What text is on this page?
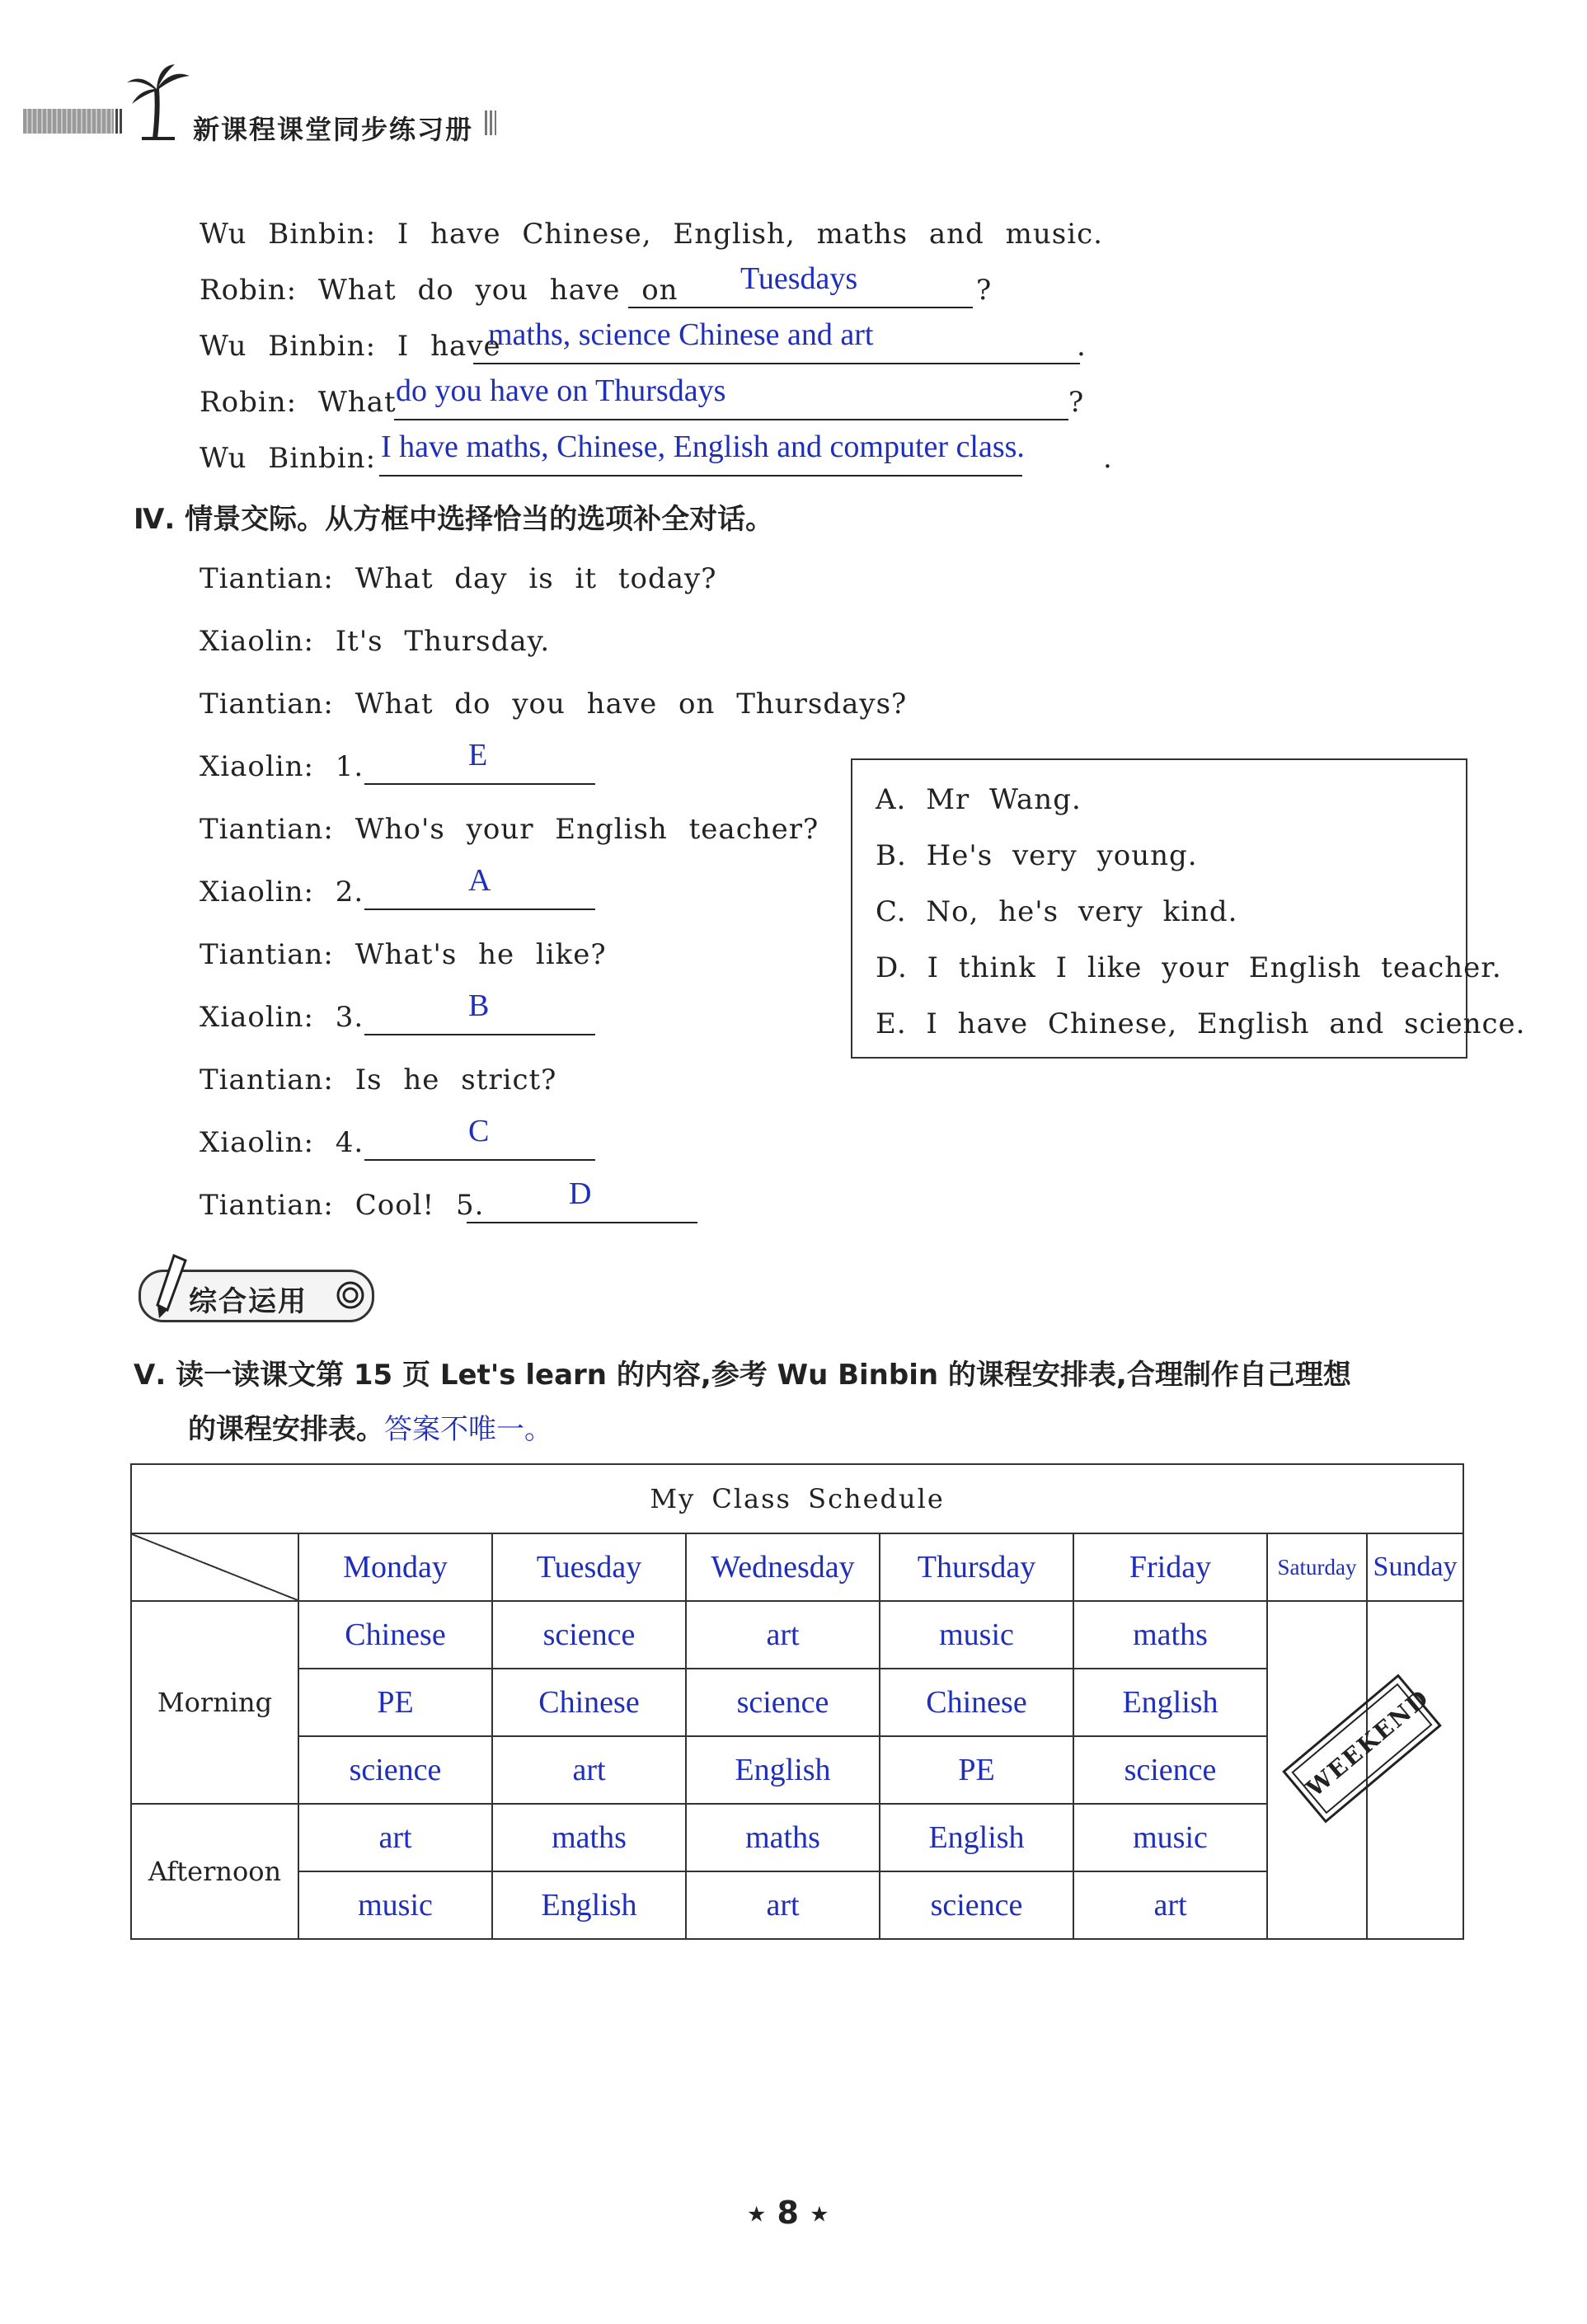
新课程课堂同步练习册
Wu Binbin: I have Chinese, English, maths and music.
Robin: What do you have on Tuesdays	?
Wu Binbin: I have
maths, science Chinese and art	.
Robin: What do you have on Thursdays	?
Wu Binbin: I have maths, Chinese, English and computer class.	.
Ⅳ. 情景交际。从方框中选择恰当的选项补全对话。
Tiantian: What day is it today?
Xiaolin: It's Thursday.
Tiantian: What do you have on Thursdays?
Xiaolin: 1.	E
Tiantian: Who's your English teacher?
Xiaolin: 2.	A
Tiantian: What's he like?
Xiaolin: 3.	B
Tiantian: Is he strict?
Xiaolin: 4.	C
Tiantian: Cool! 5.	D
A. Mr Wang.
B. He's very young.
C. No, he's very kind.
D. I think I like your English teacher.
E. I have Chinese, English and science.
综合运用
Ⅴ. 读一读课文第 15 页 Let's learn 的内容,参考 Wu Binbin 的课程安排表,合理制作自己理想
的课程安排表。答案不唯一。
My Class Schedule							
	Monday	Tuesday	Wednesday	Thursday	Friday	Saturday	Sunday
Morning	Chinese	science	art	music	maths		
	PE	Chinese	science	Chinese	English		
	science	art	English	PE	science		
Afternoon	art	maths	maths	English	music		
	music	English	art	science	art		
WEEKEND
★ 8 ★
